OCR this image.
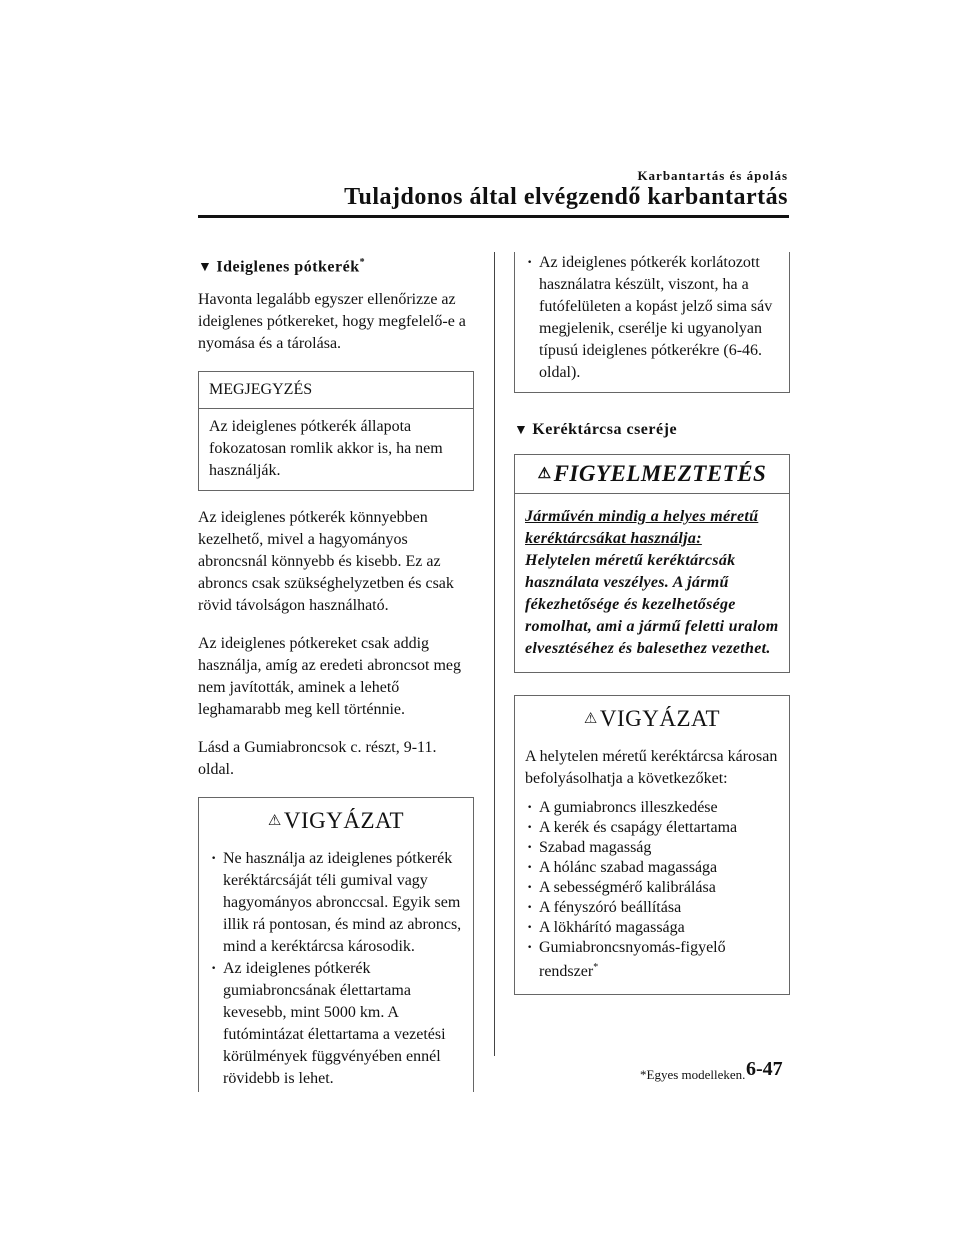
Karbantartás és ápolás
Tulajdonos által elvégzendő karbantartás
▼ Ideiglenes pótkerék*

Havonta legalább egyszer ellenőrizze az ideiglenes pótkereket, hogy megfelelő-e a nyomása és a tárolása.

MEGJEGYZÉS
Az ideiglenes pótkerék állapota fokozatosan romlik akkor is, ha nem használják.

Az ideiglenes pótkerék könnyebben kezelhető, mivel a hagyományos abroncsnál könnyebb és kisebb. Ez az abroncs csak szükséghelyzetben és csak rövid távolságon használható.

Az ideiglenes pótkereket csak addig használja, amíg az eredeti abroncsot meg nem javították, aminek a lehető leghamarabb meg kell történnie.

Lásd a Gumiabroncsok c. részt, 9-11. oldal.

⚠VIGYÁZAT
· Ne használja az ideiglenes pótkerék keréktárcsáját téli gumival vagy hagyományos abronccsal. Egyik sem illik rá pontosan, és mind az abroncs, mind a keréktárcsa károsodik.
· Az ideiglenes pótkerék gumiabroncsának élettartama kevesebb, mint 5000 km. A futómintázat élettartama a vezetési körülmények függvényében ennél rövidebb is lehet.
· Az ideiglenes pótkerék korlátozott használatra készült, viszont, ha a futófelületen a kopást jelző sima sáv megjelenik, cserélje ki ugyanolyan típusú ideiglenes pótkerékre (6-46. oldal).
▼ Keréktárcsa cseréje
⚠FIGYELMEZTETÉS
Járművén mindig a helyes méretű keréktárcsákat használja:
Helytelen méretű keréktárcsák használata veszélyes. A jármű fékezhetősége és kezelhetősége romolhat, ami a jármű feletti uralom elvesztéséhez és balesethez vezethet.
⚠VIGYÁZAT
A helytelen méretű keréktárcsa károsan befolyásolhatja a következőket:
· A gumiabroncs illeszkedése
· A kerék és csapágy élettartama
· Szabad magasság
· A hólánc szabad magassága
· A sebességmérő kalibrálása
· A fényszóró beállítása
· A lökhárító magassága
· Gumiabroncsnyomás-figyelő rendszer*
*Egyes modelleken. 6-47
